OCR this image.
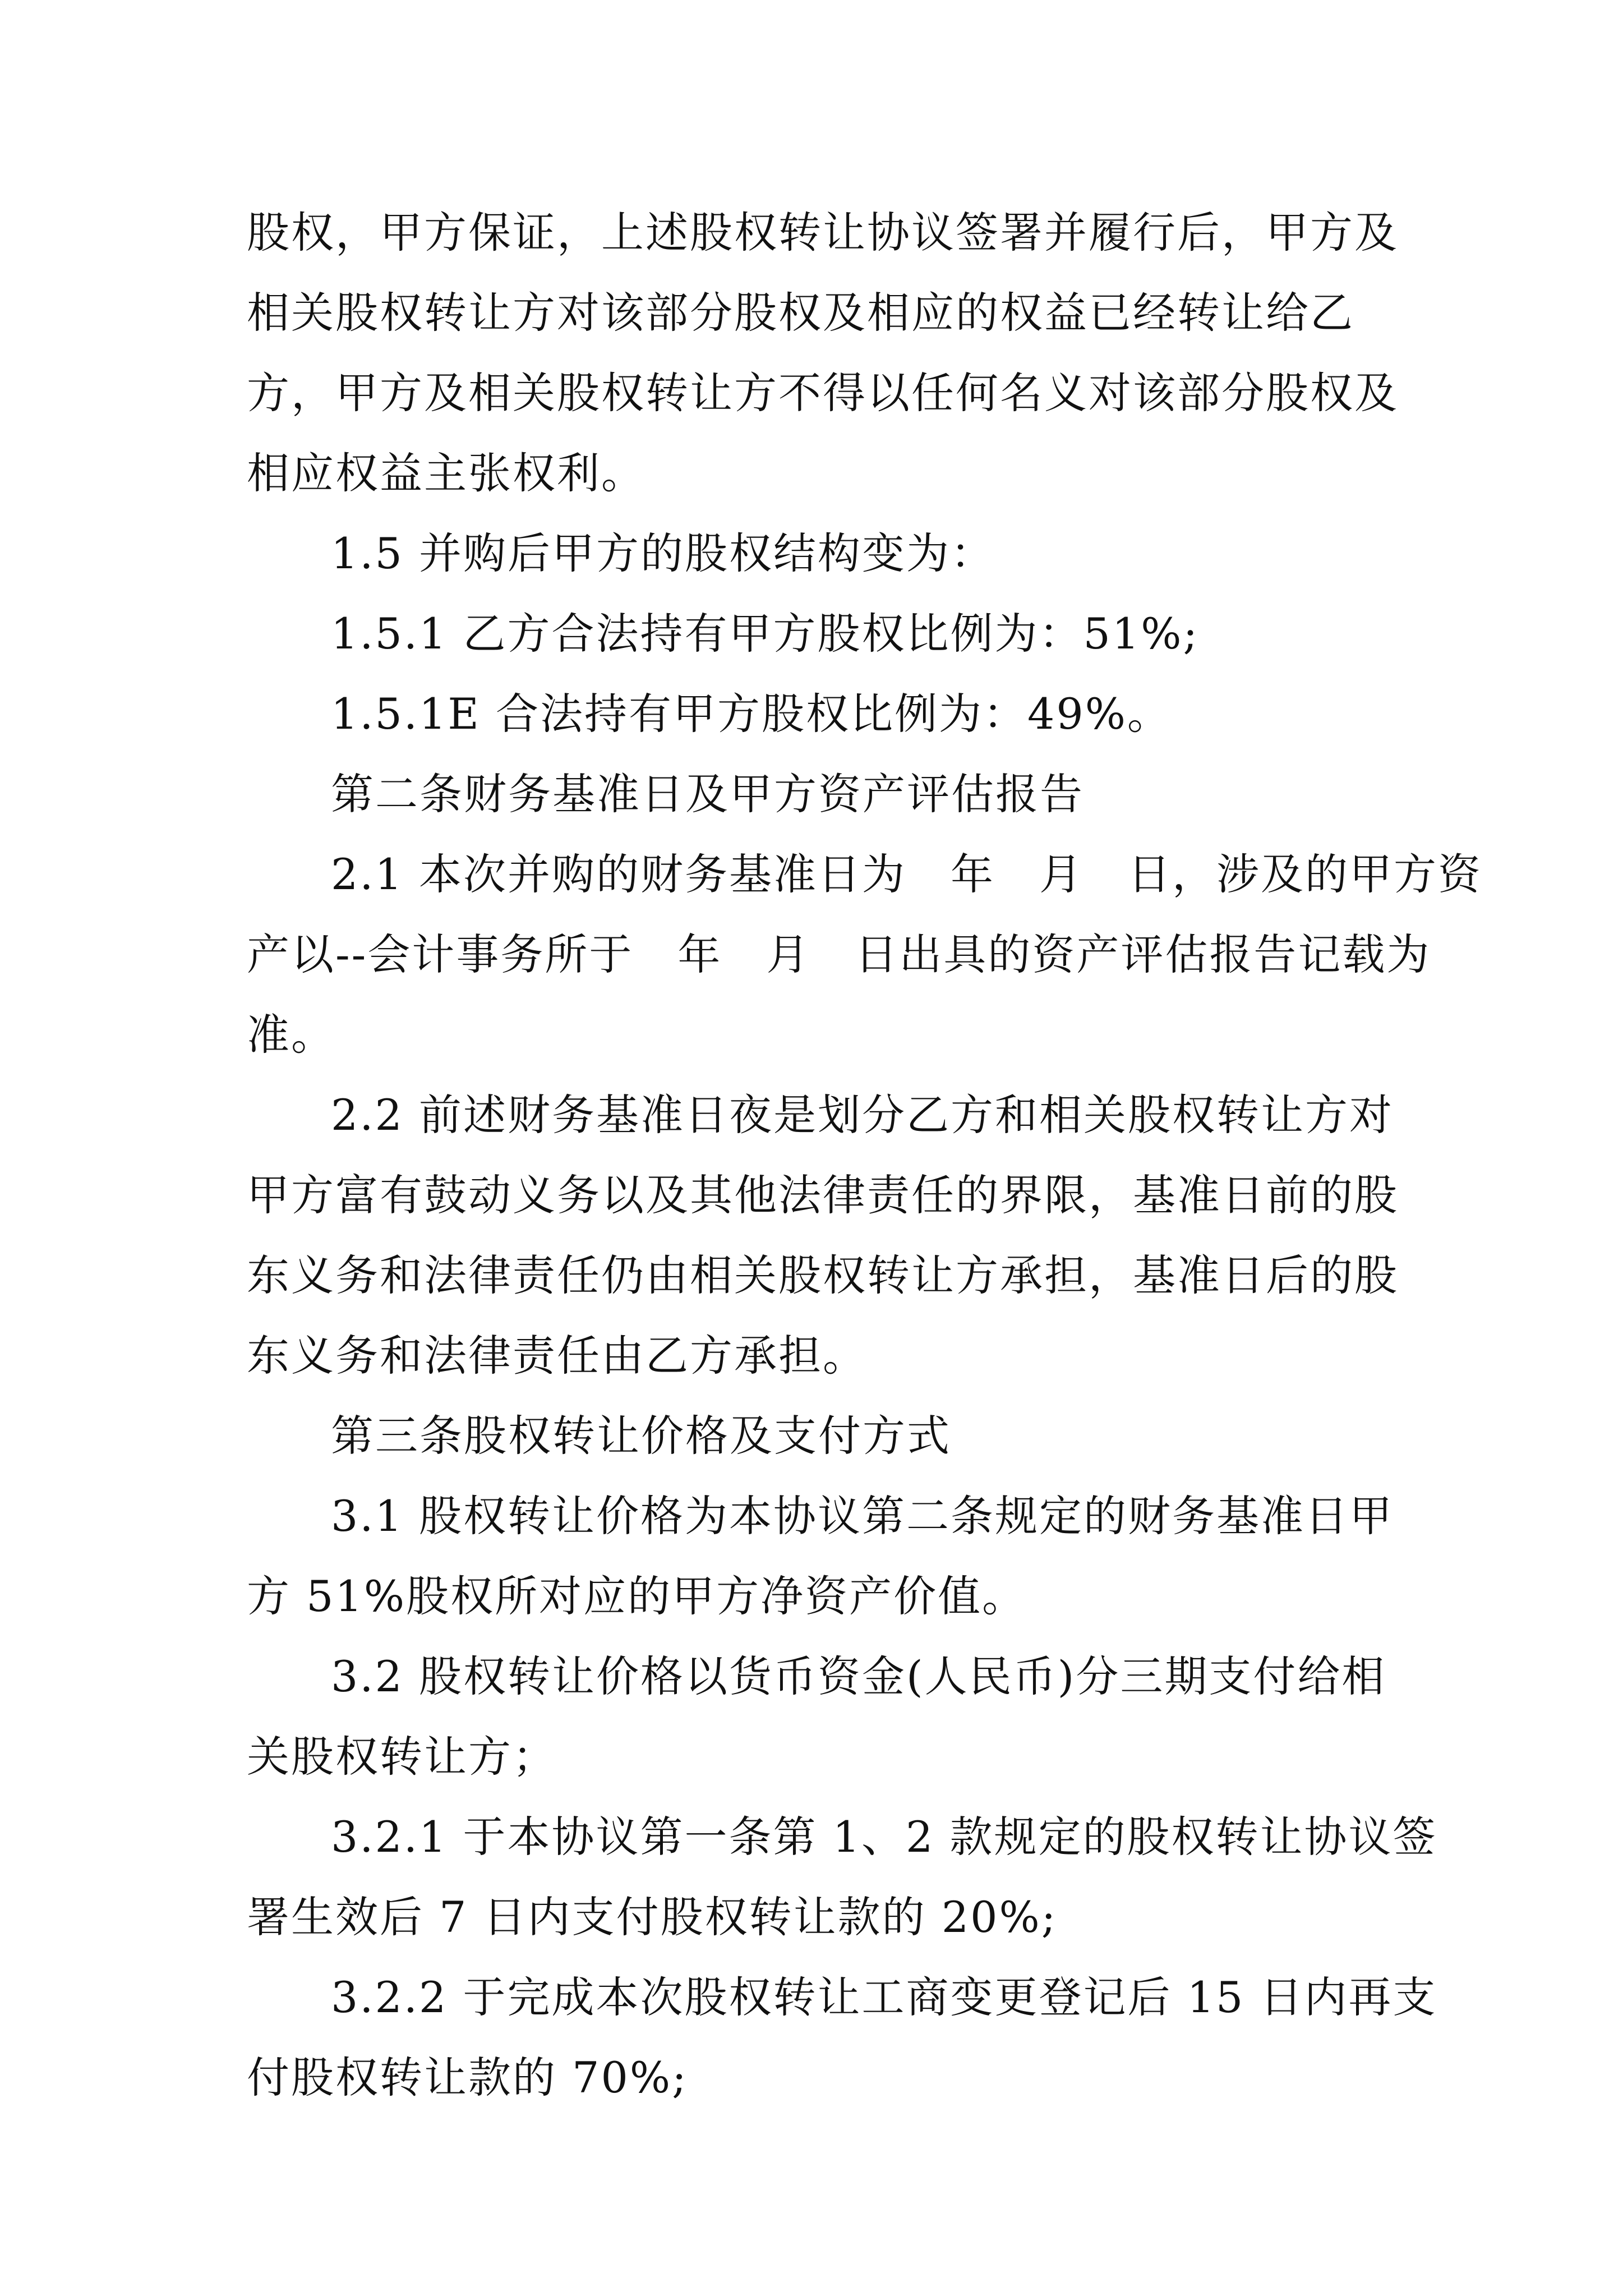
股权，甲方保证，上述股权转让协议签署并履行后，甲方及
相关股权转让方对该部分股权及相应的权益已经转让给乙
方，甲方及相关股权转让方不得以任何名义对该部分股权及
相应权益主张权利。
1.5 并购后甲方的股权结构变为：
1.5.1 乙方合法持有甲方股权比例为：51%;
1.5.1E 合法持有甲方股权比例为：49%。
第二条财务基准日及甲方资产评估报告
2.1 本次并购的财务基准日为　年　月　日，涉及的甲方资
产以--会计事务所于　年　月　日出具的资产评估报告记载为
准。
2.2 前述财务基准日夜是划分乙方和相关股权转让方对
甲方富有鼓动义务以及其他法律责任的界限，基准日前的股
东义务和法律责任仍由相关股权转让方承担，基准日后的股
东义务和法律责任由乙方承担。
第三条股权转让价格及支付方式
3.1 股权转让价格为本协议第二条规定的财务基准日甲
方 51%股权所对应的甲方净资产价值。
3.2 股权转让价格以货币资金(人民币)分三期支付给相
关股权转让方；
3.2.1 于本协议第一条第 1、2 款规定的股权转让协议签
署生效后 7 日内支付股权转让款的 20%;
3.2.2 于完成本次股权转让工商变更登记后 15 日内再支
付股权转让款的 70%;
